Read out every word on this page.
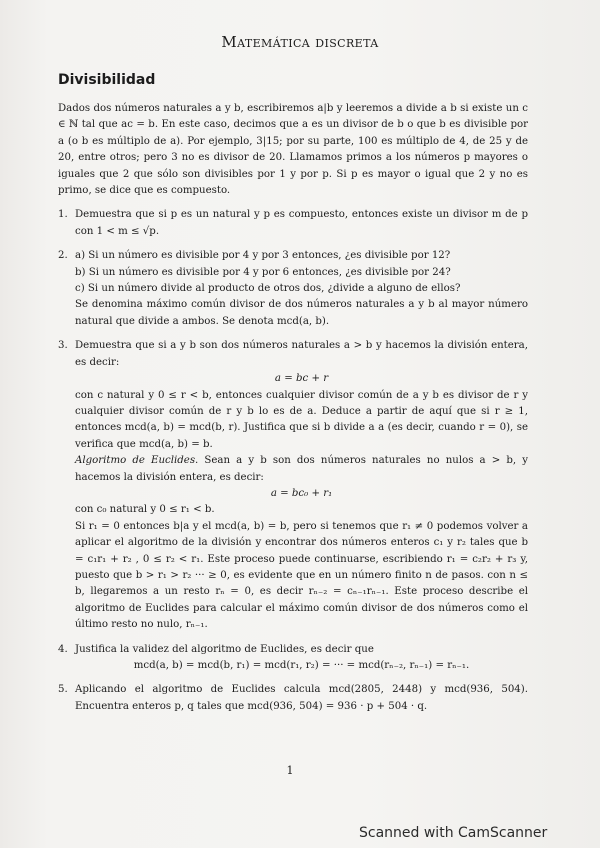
Matemática discreta
Divisibilidad

Dados dos números naturales a y b, escribiremos a|b y leeremos a divide a b si existe un c ∈ ℕ tal que ac = b. En este caso, decimos que a es un divisor de b o que b es divisible por a (o b es múltiplo de a). Por ejemplo, 3|15; por su parte, 100 es múltiplo de 4, de 25 y de 20, entre otros; pero 3 no es divisor de 20. Llamamos primos a los números p mayores o iguales que 2 que sólo son divisibles por 1 y por p. Si p es mayor o igual que 2 y no es primo, se dice que es compuesto.

1. Demuestra que si p es un natural y p es compuesto, entonces existe un divisor m de p con 1 < m ≤ √p.

2. a) Si un número es divisible por 4 y por 3 entonces, ¿es divisible por 12?

b) Si un número es divisible por 4 y por 6 entonces, ¿es divisible por 24?

c) Si un número divide al producto de otros dos, ¿divide a alguno de ellos?

Se denomina máximo común divisor de dos números naturales a y b al mayor número natural que divide a ambos. Se denota mcd(a, b).

3. Demuestra que si a y b son dos números naturales a > b y hacemos la división entera, es decir:

a = bc + r

con c natural y 0 ≤ r < b, entonces cualquier divisor común de a y b es divisor de r y cualquier divisor común de r y b lo es de a. Deduce a partir de aquí que si r ≥ 1, entonces mcd(a, b) = mcd(b, r). Justifica que si b divide a a (es decir, cuando r = 0), se verifica que mcd(a, b) = b.

Algoritmo de Euclides. Sean a y b son dos números naturales no nulos a > b, y hacemos la división entera, es decir:

a = bc₀ + r₁

con c₀ natural y 0 ≤ r₁ < b.

Si r₁ = 0 entonces b|a y el mcd(a, b) = b, pero si tenemos que r₁ ≠ 0 podemos volver a aplicar el algoritmo de la división y encontrar dos números enteros c₁ y r₂ tales que b = c₁r₁ + r₂ , 0 ≤ r₂ < r₁. Este proceso puede continuarse, escribiendo r₁ = c₂r₂ + r₃ y, puesto que b > r₁ > r₂ ··· ≥ 0, es evidente que en un número finito n de pasos. con n ≤ b, llegaremos a un resto rₙ = 0, es decir rₙ₋₂ = cₙ₋₁rₙ₋₁. Este proceso describe el algoritmo de Euclides para calcular el máximo común divisor de dos números como el último resto no nulo, rₙ₋₁.

4. Justifica la validez del algoritmo de Euclides, es decir que

mcd(a, b) = mcd(b, r₁) = mcd(r₁, r₂) = ··· = mcd(rₙ₋₂, rₙ₋₁) = rₙ₋₁.

5. Aplicando el algoritmo de Euclides calcula mcd(2805, 2448) y mcd(936, 504). Encuentra enteros p, q tales que mcd(936, 504) = 936 · p + 504 · q.

1
Scanned with CamScanner
